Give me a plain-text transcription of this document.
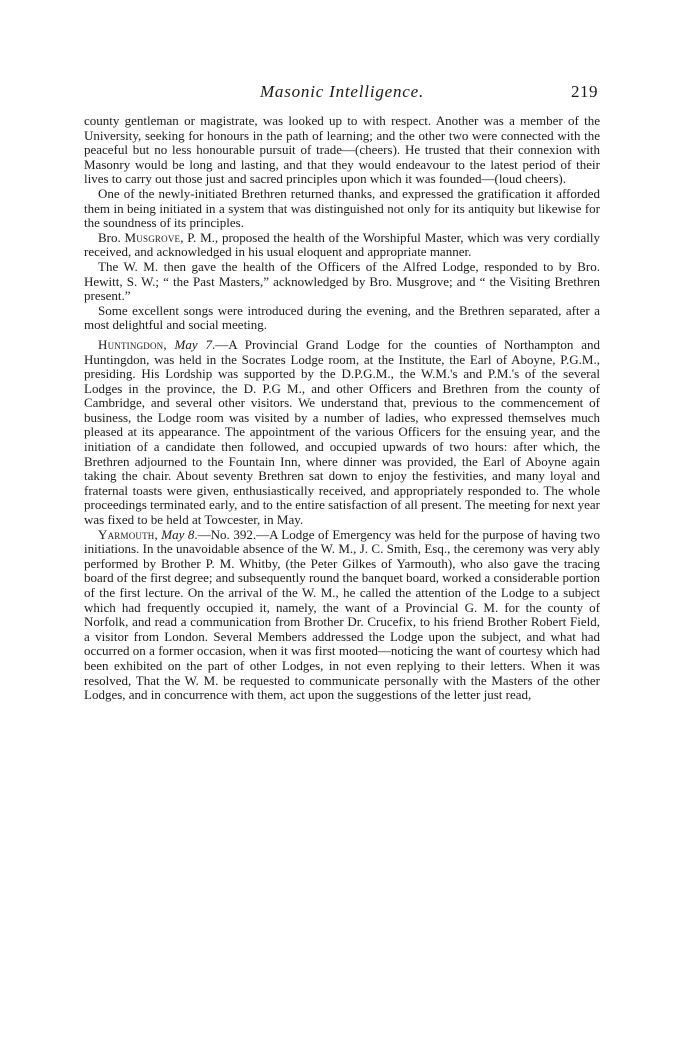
Masonic Intelligence.	219

county gentleman or magistrate, was looked up to with respect. Another was a member of the University, seeking for honours in the path of learning; and the other two were connected with the peaceful but no less honourable pursuit of trade—(cheers). He trusted that their connexion with Masonry would be long and lasting, and that they would endeavour to the latest period of their lives to carry out those just and sacred principles upon which it was founded—(loud cheers).

One of the newly-initiated Brethren returned thanks, and expressed the gratification it afforded them in being initiated in a system that was distinguished not only for its antiquity but likewise for the soundness of its principles.

Bro. Musgrove, P. M., proposed the health of the Worshipful Master, which was very cordially received, and acknowledged in his usual eloquent and appropriate manner.

The W. M. then gave the health of the Officers of the Alfred Lodge, responded to by Bro. Hewitt, S. W.; “ the Past Masters,” acknowledged by Bro. Musgrove; and “ the Visiting Brethren present.”

Some excellent songs were introduced during the evening, and the Brethren separated, after a most delightful and social meeting.

Huntingdon, May 7.—A Provincial Grand Lodge for the counties of Northampton and Huntingdon, was held in the Socrates Lodge room, at the Institute, the Earl of Aboyne, P.G.M., presiding. His Lordship was supported by the D.P.G.M., the W.M.'s and P.M.'s of the several Lodges in the province, the D. P.G M., and other Officers and Brethren from the county of Cambridge, and several other visitors. We understand that, previous to the commencement of business, the Lodge room was visited by a number of ladies, who expressed themselves much pleased at its appearance. The appointment of the various Officers for the ensuing year, and the initiation of a candidate then followed, and occupied upwards of two hours: after which, the Brethren adjourned to the Fountain Inn, where dinner was provided, the Earl of Aboyne again taking the chair. About seventy Brethren sat down to enjoy the festivities, and many loyal and fraternal toasts were given, enthusiastically received, and appropriately responded to. The whole proceedings terminated early, and to the entire satisfaction of all present. The meeting for next year was fixed to be held at Towcester, in May.

Yarmouth, May 8.—No. 392.—A Lodge of Emergency was held for the purpose of having two initiations. In the unavoidable absence of the W. M., J. C. Smith, Esq., the ceremony was very ably performed by Brother P. M. Whitby, (the Peter Gilkes of Yarmouth), who also gave the tracing board of the first degree; and subsequently round the banquet board, worked a considerable portion of the first lecture. On the arrival of the W. M., he called the attention of the Lodge to a subject which had frequently occupied it, namely, the want of a Provincial G. M. for the county of Norfolk, and read a communication from Brother Dr. Crucefix, to his friend Brother Robert Field, a visitor from London. Several Members addressed the Lodge upon the subject, and what had occurred on a former occasion, when it was first mooted—noticing the want of courtesy which had been exhibited on the part of other Lodges, in not even replying to their letters. When it was resolved, That the W. M. be requested to communicate personally with the Masters of the other Lodges, and in concurrence with them, act upon the suggestions of the letter just read,
